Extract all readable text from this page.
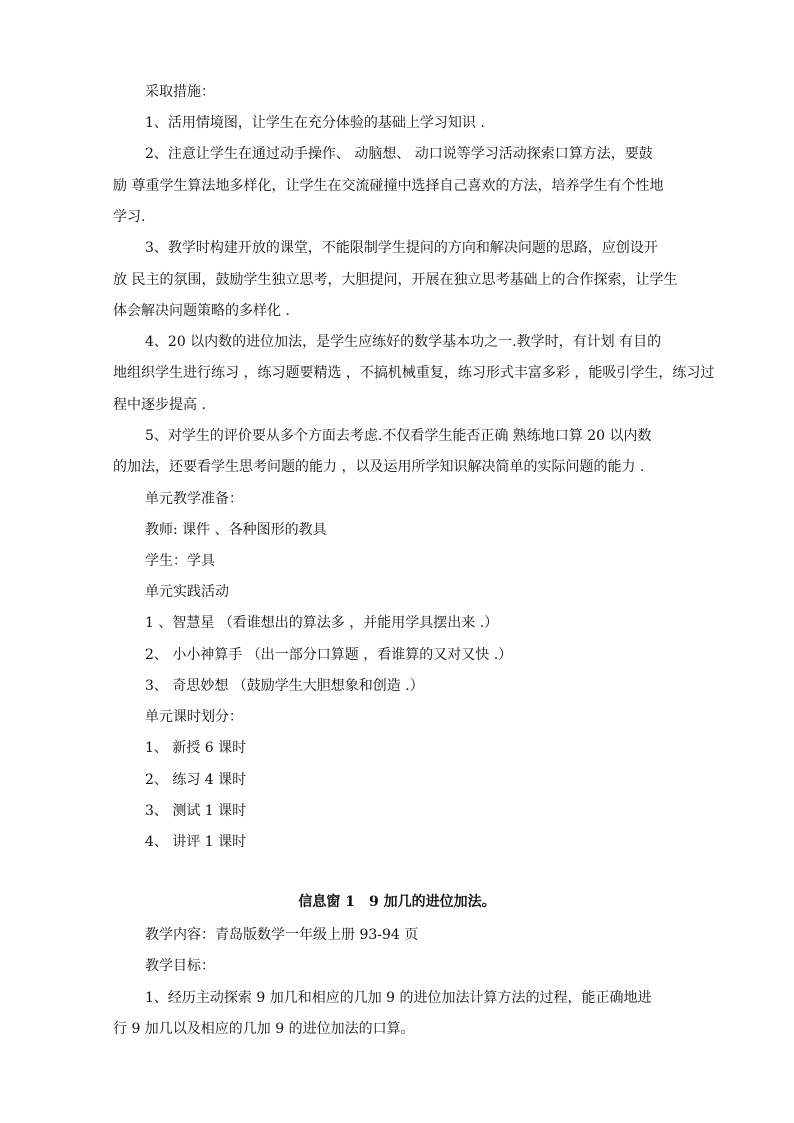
采取措施：
1、活用情境图，让学生在充分体验的基础上学习知识 .
2、注意让学生在通过动手操作、 动脑想、 动口说等学习活动探索口算方法，要鼓
励 尊重学生算法地多样化，让学生在交流碰撞中选择自己喜欢的方法，培养学生有个性地
学习.
3、教学时构建开放的课堂，不能限制学生提问的方向和解决问题的思路，应创设开
放 民主的氛围，鼓励学生独立思考，大胆提问，开展在独立思考基础上的合作探索，让学生
体会解决问题策略的多样化 .
4、20 以内数的进位加法，是学生应练好的数学基本功之一.教学时，有计划 有目的
地组织学生进行练习 ，练习题要精选 ，不搞机械重复，练习形式丰富多彩 ，能吸引学生，练习过
程中逐步提高 .
5、对学生的评价要从多个方面去考虑.不仅看学生能否正确 熟练地口算 20 以内数
的加法，还要看学生思考问题的能力 ，以及运用所学知识解决简单的实际问题的能力 .
单元教学准备：
教师: 课件 、各种图形的教具
学生：学具
单元实践活动
1 、智慧星 （看谁想出的算法多 ，并能用学具摆出来 .）
2、 小小神算手 （出一部分口算题 ，看谁算的又对又快 .）
3、 奇思妙想 （鼓励学生大胆想象和创造 .）
单元课时划分：
1、 新授 6 课时
2、 练习 4 课时
3、 测试 1 课时
4、 讲评 1 课时
信息窗 1　9 加几的进位加法。
教学内容：青岛版数学一年级上册 93-94 页
教学目标：
1、经历主动探索 9 加几和相应的几加 9 的进位加法计算方法的过程，能正确地进
行 9 加几以及相应的几加 9 的进位加法的口算。
